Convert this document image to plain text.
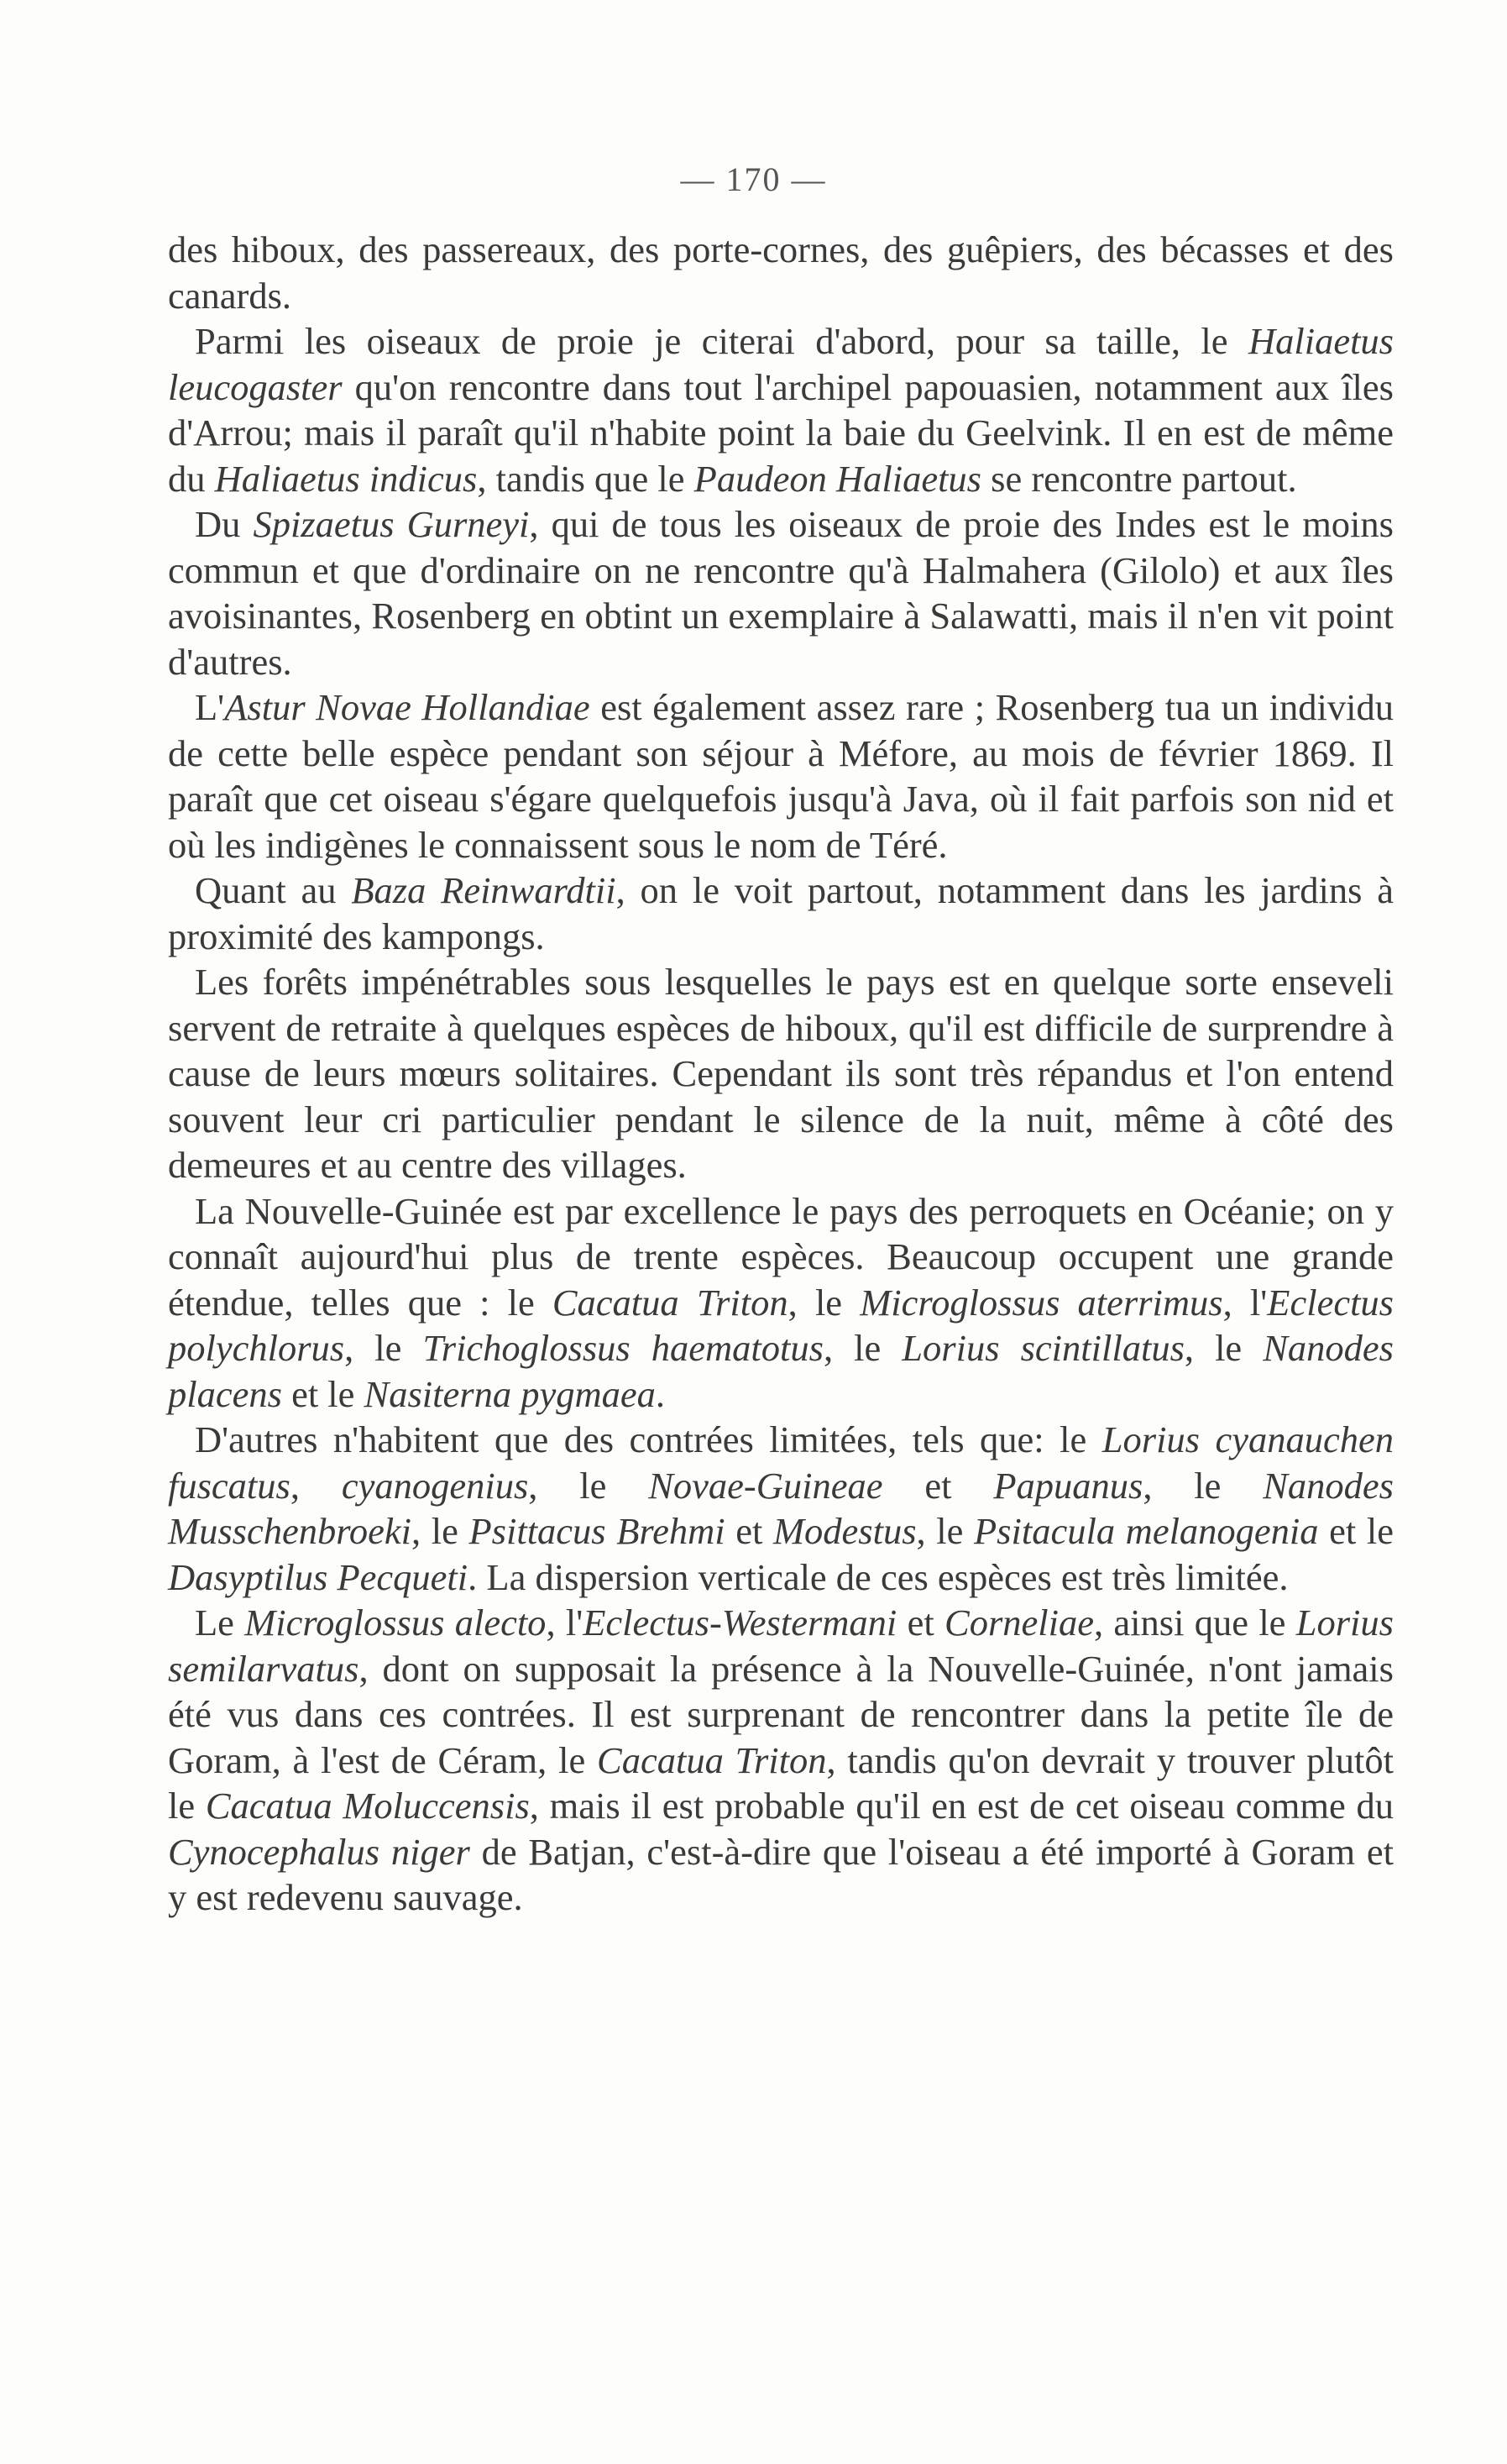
— 170 —

des hiboux, des passereaux, des porte-cornes, des guêpiers, des bécasses et des canards.

Parmi les oiseaux de proie je citerai d'abord, pour sa taille, le Haliaetus leucogaster qu'on rencontre dans tout l'archipel papouasien, notamment aux îles d'Arrou; mais il paraît qu'il n'habite point la baie du Geelvink. Il en est de même du Haliaetus indicus, tandis que le Paudeon Haliaetus se rencontre partout.

Du Spizaetus Gurneyi, qui de tous les oiseaux de proie des Indes est le moins commun et que d'ordinaire on ne rencontre qu'à Halmahera (Gilolo) et aux îles avoisinantes, Rosenberg en obtint un exemplaire à Salawatti, mais il n'en vit point d'autres.

L'Astur Novae Hollandiae est également assez rare ; Rosenberg tua un individu de cette belle espèce pendant son séjour à Méfore, au mois de février 1869. Il paraît que cet oiseau s'égare quelquefois jusqu'à Java, où il fait parfois son nid et où les indigènes le connaissent sous le nom de Téré.

Quant au Baza Reinwardtii, on le voit partout, notamment dans les jardins à proximité des kampongs.

Les forêts impénétrables sous lesquelles le pays est en quelque sorte enseveli servent de retraite à quelques espèces de hiboux, qu'il est difficile de surprendre à cause de leurs mœurs solitaires. Cependant ils sont très répandus et l'on entend souvent leur cri particulier pendant le silence de la nuit, même à côté des demeures et au centre des villages.

La Nouvelle-Guinée est par excellence le pays des perroquets en Océanie; on y connaît aujourd'hui plus de trente espèces. Beaucoup occupent une grande étendue, telles que : le Cacatua Triton, le Microglossus aterrimus, l'Eclectus polychlorus, le Trichoglossus haematotus, le Lorius scintillatus, le Nanodes placens et le Nasiterna pygmaea.

D'autres n'habitent que des contrées limitées, tels que: le Lorius cyanauchen fuscatus, cyanogenius, le Novae-Guineae et Papuanus, le Nanodes Musschenbroeki, le Psittacus Brehmi et Modestus, le Psitacula melanogenia et le Dasyptilus Pecqueti. La dispersion verticale de ces espèces est très limitée.

Le Microglossus alecto, l'Eclectus-Westermani et Corneliae, ainsi que le Lorius semilarvatus, dont on supposait la présence à la Nouvelle-Guinée, n'ont jamais été vus dans ces contrées. Il est surprenant de rencontrer dans la petite île de Goram, à l'est de Céram, le Cacatua Triton, tandis qu'on devrait y trouver plutôt le Cacatua Moluccensis, mais il est probable qu'il en est de cet oiseau comme du Cynocephalus niger de Batjan, c'est-à-dire que l'oiseau a été importé à Goram et y est redevenu sauvage.
